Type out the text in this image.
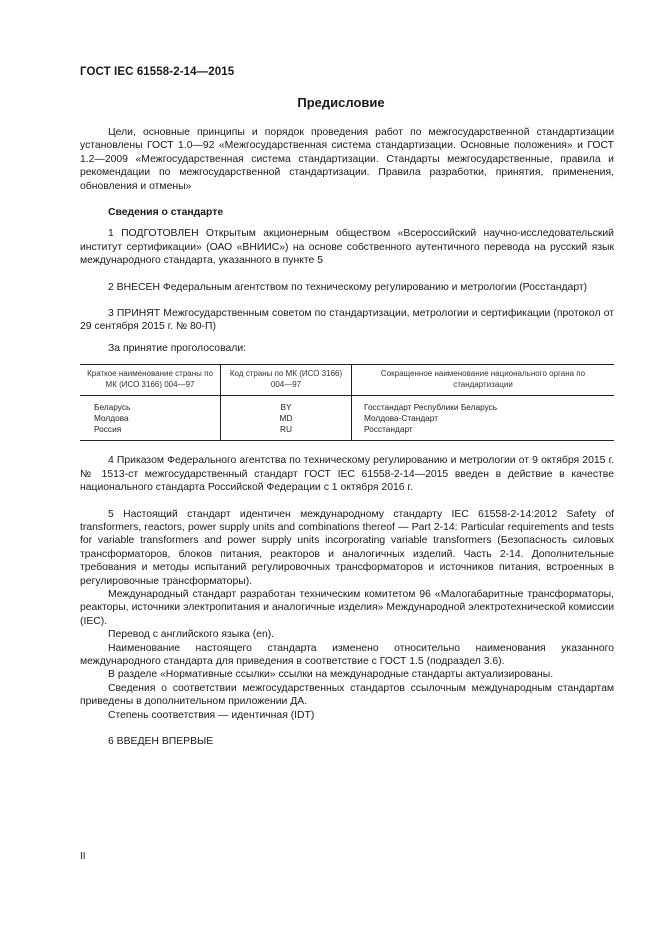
ГОСТ IEC 61558-2-14—2015
Предисловие

Цели, основные принципы и порядок проведения работ по межгосударственной стандартизации установлены ГОСТ 1.0—92 «Межгосударственная система стандартизации. Основные положения» и ГОСТ 1.2—2009 «Межгосударственная система стандартизации. Стандарты межгосударственные, правила и рекомендации по межгосударственной стандартизации. Правила разработки, принятия, применения, обновления и отмены»

Сведения о стандарте

1 ПОДГОТОВЛЕН Открытым акционерным обществом «Всероссийский научно-исследовательский институт сертификации» (ОАО «ВНИИС») на основе собственного аутентичного перевода на русский язык международного стандарта, указанного в пункте 5

2 ВНЕСЕН Федеральным агентством по техническому регулированию и метрологии (Росстандарт)

3 ПРИНЯТ Межгосударственным советом по стандартизации, метрологии и сертификации (протокол от 29 сентября 2015 г. № 80-П)

За принятие проголосовали:

Краткое наименование страны по МК (ИСО 3166) 004—97	Код страны по МК (ИСО 3166) 004—97	Сокращенное наименование национального органа по стандартизации
Беларусь	BY	Госстандарт Республики Беларусь
Молдова	MD	Молдова-Стандарт
Россия	RU	Росстандарт

4 Приказом Федерального агентства по техническому регулированию и метрологии от 9 октября 2015 г. № 1513-ст межгосударственный стандарт ГОСТ IEC 61558-2-14—2015 введен в действие в качестве национального стандарта Российской Федерации с 1 октября 2016 г.

5 Настоящий стандарт идентичен международному стандарту IEC 61558-2-14:2012 Safety of transformers, reactors, power supply units and combinations thereof — Part 2-14: Particular requirements and tests for variable transformers and power supply units incorporating variable transformers (Безопасность силовых трансформаторов, блоков питания, реакторов и аналогичных изделий. Часть 2-14. Дополнительные требования и методы испытаний регулировочных трансформаторов и источников питания, встроенных в регулировочные трансформаторы).

Международный стандарт разработан техническим комитетом 96 «Малогабаритные трансформаторы, реакторы, источники электропитания и аналогичные изделия» Международной электротехнической комиссии (IEC).

Перевод с английского языка (en).

Наименование настоящего стандарта изменено относительно наименования указанного международного стандарта для приведения в соответствие с ГОСТ 1.5 (подраздел 3.6).

В разделе «Нормативные ссылки» ссылки на международные стандарты актуализированы.

Сведения о соответствии межгосударственных стандартов ссылочным международным стандартам приведены в дополнительном приложении ДА.

Степень соответствия — идентичная (IDT)

6 ВВЕДЕН ВПЕРВЫЕ

II
